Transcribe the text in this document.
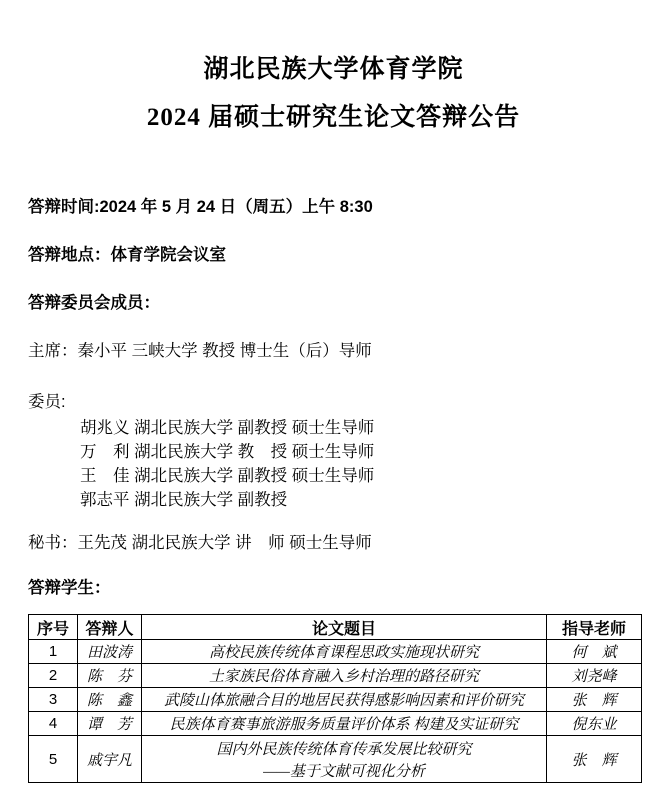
湖北民族大学体育学院
2024 届硕士研究生论文答辩公告

答辩时间:2024 年 5 月 24 日（周五）上午 8:30

答辩地点：体育学院会议室

答辩委员会成员：

主席：秦小平 三峡大学 教授 博士生（后）导师

委员:

胡兆义 湖北民族大学 副教授 硕士生导师

万　利 湖北民族大学 教　授 硕士生导师

王　佳 湖北民族大学 副教授 硕士生导师

郭志平 湖北民族大学 副教授

秘书：王先茂 湖北民族大学 讲　师 硕士生导师

答辩学生：

序号	答辩人	论文题目	指导老师
1	田波涛	高校民族传统体育课程思政实施现状研究	何　斌
2	陈　芬	土家族民俗体育融入乡村治理的路径研究	刘尧峰
3	陈　鑫	武陵山体旅融合目的地居民获得感影响因素和评价研究	张　辉
4	谭　芳	民族体育赛事旅游服务质量评价体系 构建及实证研究	倪东业
5	戚宇凡	国内外民族传统体育传承发展比较研究
——基于文献可视化分析	张　辉
